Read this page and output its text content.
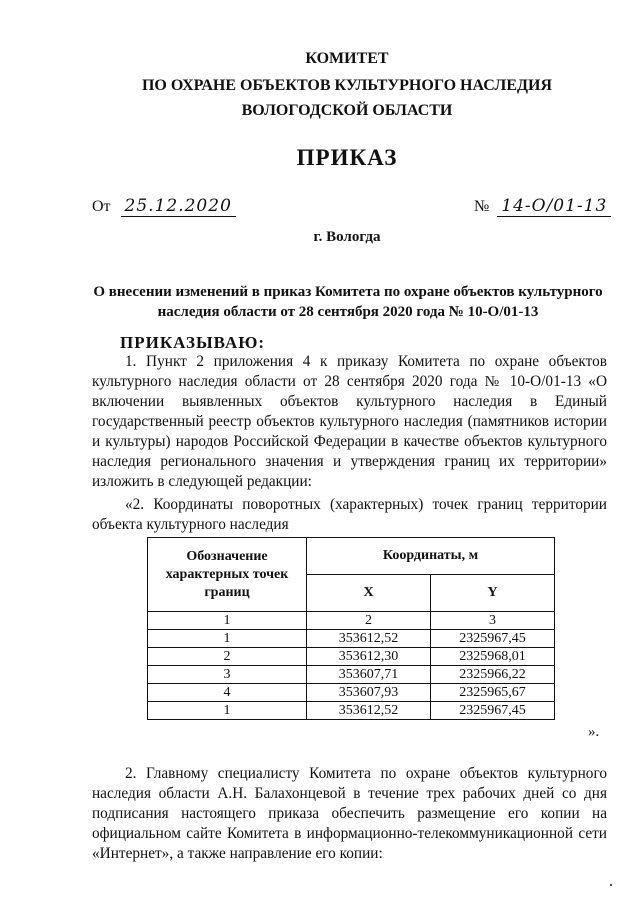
КОМИТЕТ
ПО ОХРАНЕ ОБЪЕКТОВ КУЛЬТУРНОГО НАСЛЕДИЯ
ВОЛОГОДСКОЙ ОБЛАСТИ
ПРИКАЗ
От 25.12.2020	№ 14-О/01-13
г. Вологда
О внесении изменений в приказ Комитета по охране объектов культурного
наследия области от 28 сентября 2020 года № 10-О/01-13
ПРИКАЗЫВАЮ:
1. Пункт 2 приложения 4 к приказу Комитета по охране объектов культурного наследия области от 28 сентября 2020 года № 10-О/01-13 «О включении выявленных объектов культурного наследия в Единый государственный реестр объектов культурного наследия (памятников истории и культуры) народов Российской Федерации в качестве объектов культурного наследия регионального значения и утверждения границ их территории» изложить в следующей редакции:
«2. Координаты поворотных (характерных) точек границ территории объекта культурного наследия
Обозначение характерных точек границ	Координаты, м	
	X	Y
1	2	3
1	353612,52	2325967,45
2	353612,30	2325968,01
3	353607,71	2325966,22
4	353607,93	2325965,67
1	353612,52	2325967,45
».
2. Главному специалисту Комитета по охране объектов культурного наследия области А.Н. Балахонцевой в течение трех рабочих дней со дня подписания настоящего приказа обеспечить размещение его копии на официальном сайте Комитета в информационно-телекоммуникационной сети «Интернет», а также направление его копии:
